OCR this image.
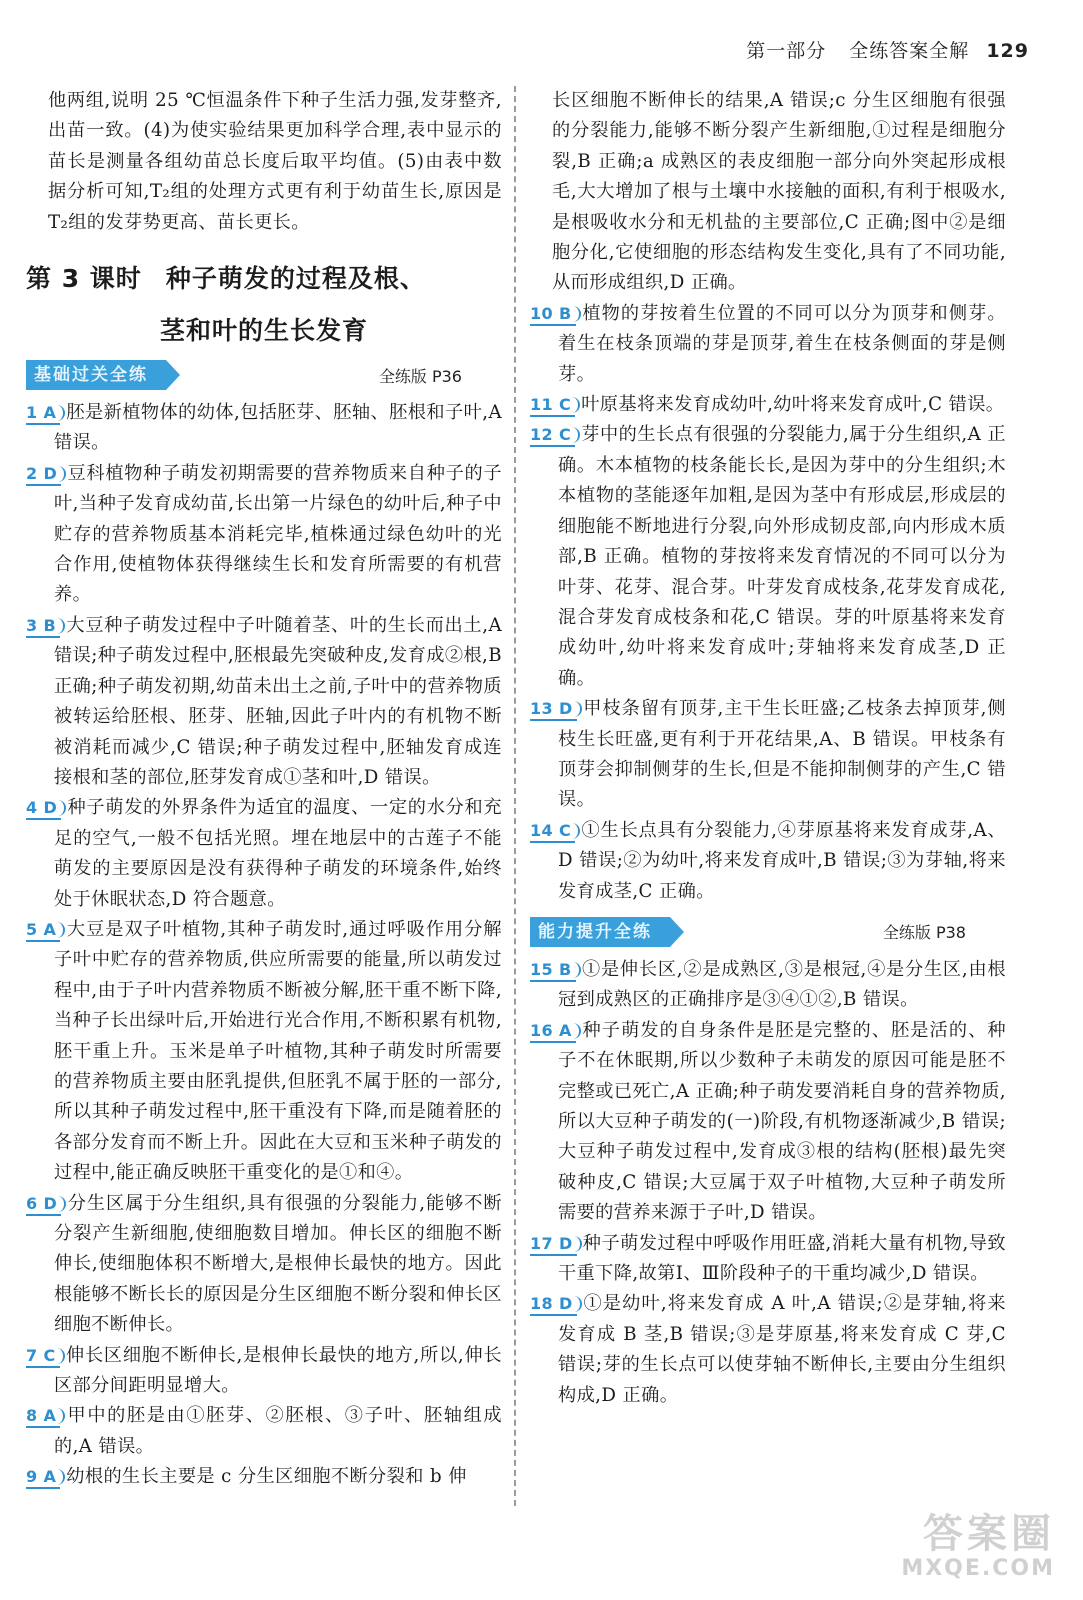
第一部分 全练答案全解 129

他两组,说明 25 ℃恒温条件下种子生活力强,发芽整齐,出苗一致。(4)为使实验结果更加科学合理,表中显示的苗长是测量各组幼苗总长度后取平均值。(5)由表中数据分析可知,T₂组的处理方式更有利于幼苗生长,原因是 T₂组的发芽势更高、苗长更长。

第 3 课时 种子萌发的过程及根、
茎和叶的生长发育
基础过关全练	全练版 P36

1 A 胚是新植物体的幼体,包括胚芽、胚轴、胚根和子叶,A 错误。

2 D 豆科植物种子萌发初期需要的营养物质来自种子的子叶,当种子发育成幼苗,长出第一片绿色的幼叶后,种子中贮存的营养物质基本消耗完毕,植株通过绿色幼叶的光合作用,使植物体获得继续生长和发育所需要的有机营养。

3 B 大豆种子萌发过程中子叶随着茎、叶的生长而出土,A 错误;种子萌发过程中,胚根最先突破种皮,发育成②根,B 正确;种子萌发初期,幼苗未出土之前,子叶中的营养物质被转运给胚根、胚芽、胚轴,因此子叶内的有机物不断被消耗而减少,C 错误;种子萌发过程中,胚轴发育成连接根和茎的部位,胚芽发育成①茎和叶,D 错误。

4 D 种子萌发的外界条件为适宜的温度、一定的水分和充足的空气,一般不包括光照。埋在地层中的古莲子不能萌发的主要原因是没有获得种子萌发的环境条件,始终处于休眠状态,D 符合题意。

5 A 大豆是双子叶植物,其种子萌发时,通过呼吸作用分解子叶中贮存的营养物质,供应所需要的能量,所以萌发过程中,由于子叶内营养物质不断被分解,胚干重不断下降,当种子长出绿叶后,开始进行光合作用,不断积累有机物,胚干重上升。玉米是单子叶植物,其种子萌发时所需要的营养物质主要由胚乳提供,但胚乳不属于胚的一部分,所以其种子萌发过程中,胚干重没有下降,而是随着胚的各部分发育而不断上升。因此在大豆和玉米种子萌发的过程中,能正确反映胚干重变化的是①和④。

6 D 分生区属于分生组织,具有很强的分裂能力,能够不断分裂产生新细胞,使细胞数目增加。伸长区的细胞不断伸长,使细胞体积不断增大,是根伸长最快的地方。因此根能够不断长长的原因是分生区细胞不断分裂和伸长区细胞不断伸长。

7 C 伸长区细胞不断伸长,是根伸长最快的地方,所以,伸长区部分间距明显增大。

8 A 甲中的胚是由①胚芽、②胚根、③子叶、胚轴组成的,A 错误。

9 A 幼根的生长主要是 c 分生区细胞不断分裂和 b 伸

长区细胞不断伸长的结果,A 错误;c 分生区细胞有很强的分裂能力,能够不断分裂产生新细胞,①过程是细胞分裂,B 正确;a 成熟区的表皮细胞一部分向外突起形成根毛,大大增加了根与土壤中水接触的面积,有利于根吸水,是根吸收水分和无机盐的主要部位,C 正确;图中②是细胞分化,它使细胞的形态结构发生变化,具有了不同功能,从而形成组织,D 正确。

10 B 植物的芽按着生位置的不同可以分为顶芽和侧芽。着生在枝条顶端的芽是顶芽,着生在枝条侧面的芽是侧芽。

11 C 叶原基将来发育成幼叶,幼叶将来发育成叶,C 错误。

12 C 芽中的生长点有很强的分裂能力,属于分生组织,A 正确。木本植物的枝条能长长,是因为芽中的分生组织;木本植物的茎能逐年加粗,是因为茎中有形成层,形成层的细胞能不断地进行分裂,向外形成韧皮部,向内形成木质部,B 正确。植物的芽按将来发育情况的不同可以分为叶芽、花芽、混合芽。叶芽发育成枝条,花芽发育成花,混合芽发育成枝条和花,C 错误。芽的叶原基将来发育成幼叶,幼叶将来发育成叶;芽轴将来发育成茎,D 正确。

13 D 甲枝条留有顶芽,主干生长旺盛;乙枝条去掉顶芽,侧枝生长旺盛,更有利于开花结果,A、B 错误。甲枝条有顶芽会抑制侧芽的生长,但是不能抑制侧芽的产生,C 错误。

14 C ①生长点具有分裂能力,④芽原基将来发育成芽,A、D 错误;②为幼叶,将来发育成叶,B 错误;③为芽轴,将来发育成茎,C 正确。

能力提升全练	全练版 P38

15 B ①是伸长区,②是成熟区,③是根冠,④是分生区,由根冠到成熟区的正确排序是③④①②,B 错误。

16 A 种子萌发的自身条件是胚是完整的、胚是活的、种子不在休眠期,所以少数种子未萌发的原因可能是胚不完整或已死亡,A 正确;种子萌发要消耗自身的营养物质,所以大豆种子萌发的(一)阶段,有机物逐渐减少,B 错误;大豆种子萌发过程中,发育成③根的结构(胚根)最先突破种皮,C 错误;大豆属于双子叶植物,大豆种子萌发所需要的营养来源于子叶,D 错误。

17 D 种子萌发过程中呼吸作用旺盛,消耗大量有机物,导致干重下降,故第Ⅰ、Ⅲ阶段种子的干重均减少,D 错误。

18 D ①是幼叶,将来发育成 A 叶,A 错误;②是芽轴,将来发育成 B 茎,B 错误;③是芽原基,将来发育成 C 芽,C 错误;芽的生长点可以使芽轴不断伸长,主要由分生组织构成,D 正确。

答案圈
MXQE.COM
